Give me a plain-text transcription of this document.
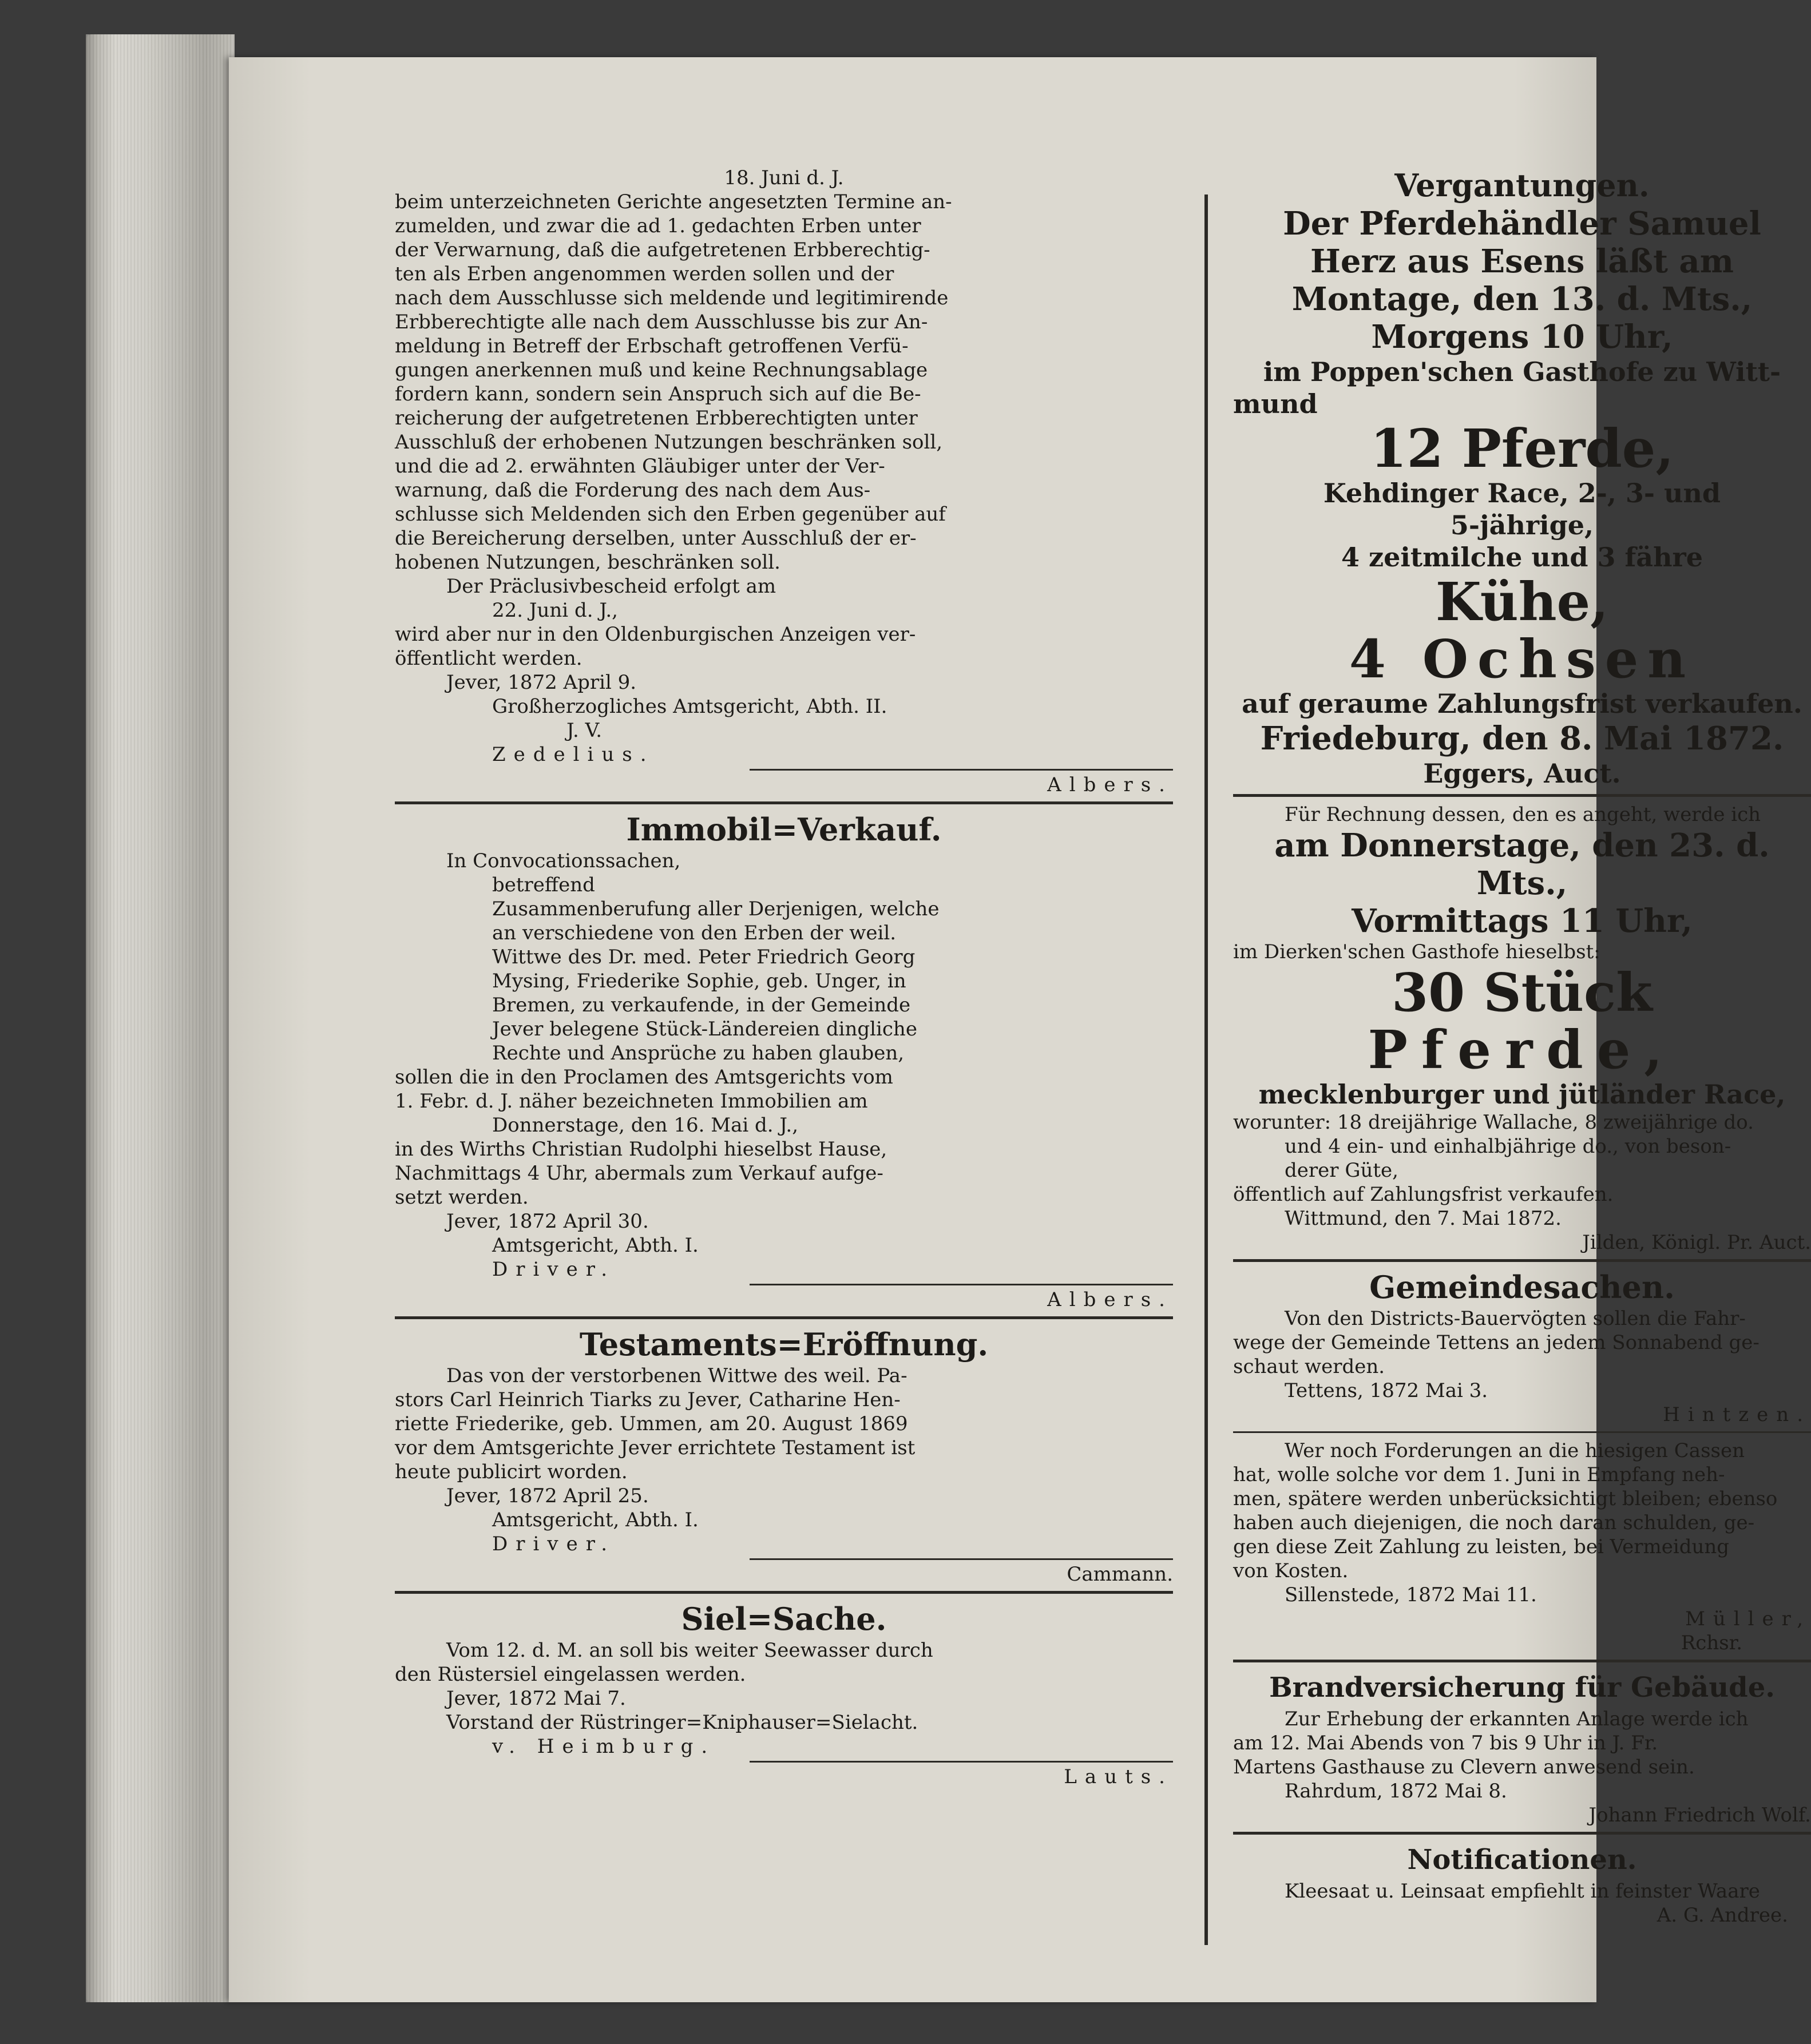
18. Juni d. J.
beim unterzeichneten Gerichte angesetzten Termine an-
zumelden, und zwar die ad 1. gedachten Erben unter
der Verwarnung, daß die aufgetretenen Erbberechtig-
ten als Erben angenommen werden sollen und der
nach dem Ausschlusse sich meldende und legitimirende
Erbberechtigte alle nach dem Ausschlusse bis zur An-
meldung in Betreff der Erbschaft getroffenen Verfü-
gungen anerkennen muß und keine Rechnungsablage
fordern kann, sondern sein Anspruch sich auf die Be-
reicherung der aufgetretenen Erbberechtigten unter
Ausschluß der erhobenen Nutzungen beschränken soll,
und die ad 2. erwähnten Gläubiger unter der Ver-
warnung, daß die Forderung des nach dem Aus-
schlusse sich Meldenden sich den Erben gegenüber auf
die Bereicherung derselben, unter Ausschluß der er-
hobenen Nutzungen, beschränken soll.
Der Präclusivbescheid erfolgt am
22. Juni d. J.,
wird aber nur in den Oldenburgischen Anzeigen ver-
öffentlicht werden.
Jever, 1872 April 9.
Großherzogliches Amtsgericht, Abth. II.
J. V.
Zedelius.
Albers.
Immobil=Verkauf.
In Convocationssachen,
betreffend
Zusammenberufung aller Derjenigen, welche
an verschiedene von den Erben der weil.
Wittwe des Dr. med. Peter Friedrich Georg
Mysing, Friederike Sophie, geb. Unger, in
Bremen, zu verkaufende, in der Gemeinde
Jever belegene Stück-Ländereien dingliche
Rechte und Ansprüche zu haben glauben,
sollen die in den Proclamen des Amtsgerichts vom
1. Febr. d. J. näher bezeichneten Immobilien am
Donnerstage, den 16. Mai d. J.,
in des Wirths Christian Rudolphi hieselbst Hause,
Nachmittags 4 Uhr, abermals zum Verkauf aufge-
setzt werden.
Jever, 1872 April 30.
Amtsgericht, Abth. I.
Driver.
Albers.
Testaments=Eröffnung.
Das von der verstorbenen Wittwe des weil. Pa-
stors Carl Heinrich Tiarks zu Jever, Catharine Hen-
riette Friederike, geb. Ummen, am 20. August 1869
vor dem Amtsgerichte Jever errichtete Testament ist
heute publicirt worden.
Jever, 1872 April 25.
Amtsgericht, Abth. I.
Driver.
Cammann.
Siel=Sache.
Vom 12. d. M. an soll bis weiter Seewasser durch
den Rüstersiel eingelassen werden.
Jever, 1872 Mai 7.
Vorstand der Rüstringer=Kniphauser=Sielacht.
v. Heimburg.
Lauts.
Vergantungen.
Der Pferdehändler Samuel
Herz aus Esens läßt am
Montage, den 13. d. Mts.,
Morgens 10 Uhr,
im Poppen'schen Gasthofe zu Witt-
mund
12 Pferde,
Kehdinger Race, 2-, 3- und
5-jährige,
4 zeitmilche und 3 fähre
Kühe,
4 Ochsen
auf geraume Zahlungsfrist verkaufen.
Friedeburg, den 8. Mai 1872.
Eggers, Auct.
Für Rechnung dessen, den es angeht, werde ich
am Donnerstage, den 23. d. Mts.,
Vormittags 11 Uhr,
im Dierken'schen Gasthofe hieselbst:
30 Stück
Pferde,
mecklenburger und jütländer Race,
worunter: 18 dreijährige Wallache, 8 zweijährige do.
und 4 ein- und einhalbjährige do., von beson-
derer Güte,
öffentlich auf Zahlungsfrist verkaufen.
Wittmund, den 7. Mai 1872.
Jilden, Königl. Pr. Auct.
Gemeindesachen.
Von den Districts-Bauervögten sollen die Fahr-
wege der Gemeinde Tettens an jedem Sonnabend ge-
schaut werden.
Tettens, 1872 Mai 3.
Hintzen.
Wer noch Forderungen an die hiesigen Cassen
hat, wolle solche vor dem 1. Juni in Empfang neh-
men, spätere werden unberücksichtigt bleiben; ebenso
haben auch diejenigen, die noch daran schulden, ge-
gen diese Zeit Zahlung zu leisten, bei Vermeidung
von Kosten.
Sillenstede, 1872 Mai 11.
Müller,
Rchsr.
Brandversicherung für Gebäude.
Zur Erhebung der erkannten Anlage werde ich
am 12. Mai Abends von 7 bis 9 Uhr in J. Fr.
Martens Gasthause zu Clevern anwesend sein.
Rahrdum, 1872 Mai 8.
Johann Friedrich Wolf.
Notificationen.
Kleesaat u. Leinsaat empfiehlt in feinster Waare
A. G. Andree.
